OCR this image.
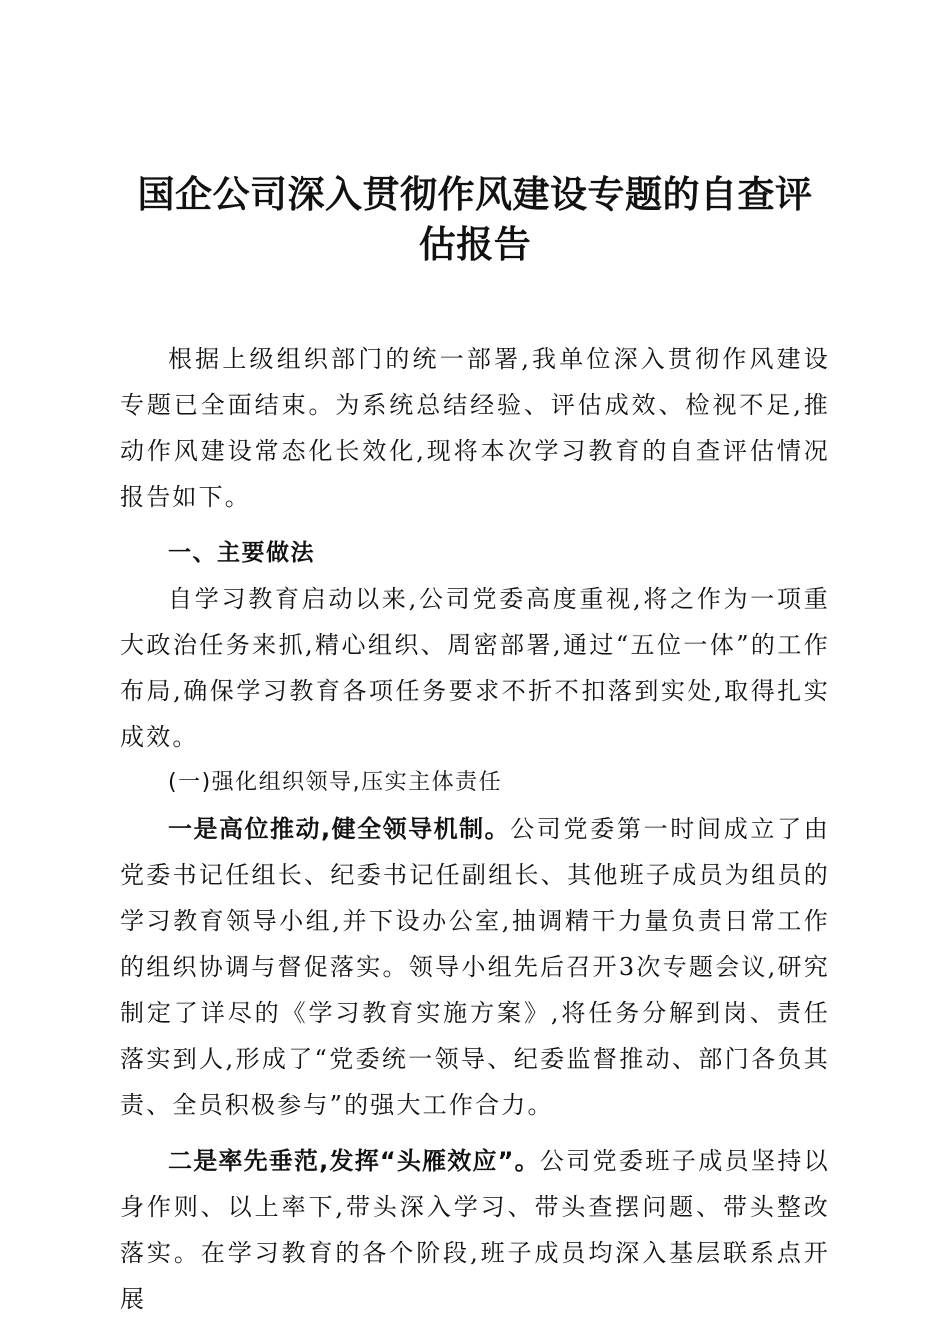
国企公司深入贯彻作风建设专题的自查评估报告

根据上级组织部门的统一部署,我单位深入贯彻作风建设专题已全面结束。为系统总结经验、评估成效、检视不足,推动作风建设常态化长效化,现将本次学习教育的自查评估情况报告如下。

一、主要做法

自学习教育启动以来,公司党委高度重视,将之作为一项重大政治任务来抓,精心组织、周密部署,通过“五位一体”的工作布局,确保学习教育各项任务要求不折不扣落到实处,取得扎实成效。

(一)强化组织领导,压实主体责任

一是高位推动,健全领导机制。公司党委第一时间成立了由党委书记任组长、纪委书记任副组长、其他班子成员为组员的学习教育领导小组,并下设办公室,抽调精干力量负责日常工作的组织协调与督促落实。领导小组先后召开3次专题会议,研究制定了详尽的《学习教育实施方案》,将任务分解到岗、责任落实到人,形成了“党委统一领导、纪委监督推动、部门各负其责、全员积极参与”的强大工作合力。

二是率先垂范,发挥“头雁效应”。公司党委班子成员坚持以身作则、以上率下,带头深入学习、带头查摆问题、带头整改落实。在学习教育的各个阶段,班子成员均深入基层联系点开展
